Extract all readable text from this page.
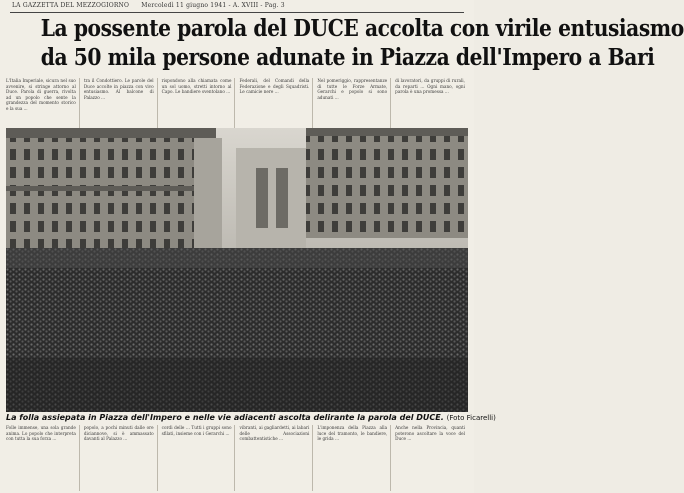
LA GAZZETTA DEL MEZZOGIORNO Mercoledì 11 giugno 1941 - A. XVIII - Pag. 3
La possente parola del DUCE accolta con virile entusiasmo
da 50 mila persone adunate in Piazza dell'Impero a Bari

L'Italia Imperiale, sicura nel suo avvenire, si stringe attorno al Duce. Parola di guerra, rivolta ad un popolo che sente la grandezza del momento storico e la sua ...

tra il Condottiero. Le parole del Duce accolte in piazza con vivo entusiasmo. Al balcone di Palazzo ...

rispondono alla chiamata come un sol uomo, stretti intorno al Capo. Le bandiere sventolano ...

Federali, del Comandi della Federazione e degli Squadristi. Le camicie nere ...

Nel pomeriggio, rappresentanze di tutte le Forze Armate, Gerarchi e popolo si sono adunati ...

di lavoratori, da gruppi di rurali, da reparti ... Ogni mano, ogni parola è una promessa ...

La folla assiepata in Piazza dell'Impero e nelle vie adiacenti ascolta delirante la parola del DUCE. (Foto Ficarelli)

Folle immense, una sola grande anima. Lo popolo che interpreta con tutta la sua forza ...

popolo, a pochi minuti dalle ore diciannove, si è ammassato davanti al Palazzo ...

cordi delle ... Tutti i gruppi sono sfilati, insieme con i Gerarchi ...

vibranti, ai gagliardetti, ai labari delle Associazioni combattentistiche ...

L'imponenza della Piazza alla luce del tramonto, le bandiere, le grida ...

Anche nella Provincia, quanti poterono ascoltare la voce del Duce ...
